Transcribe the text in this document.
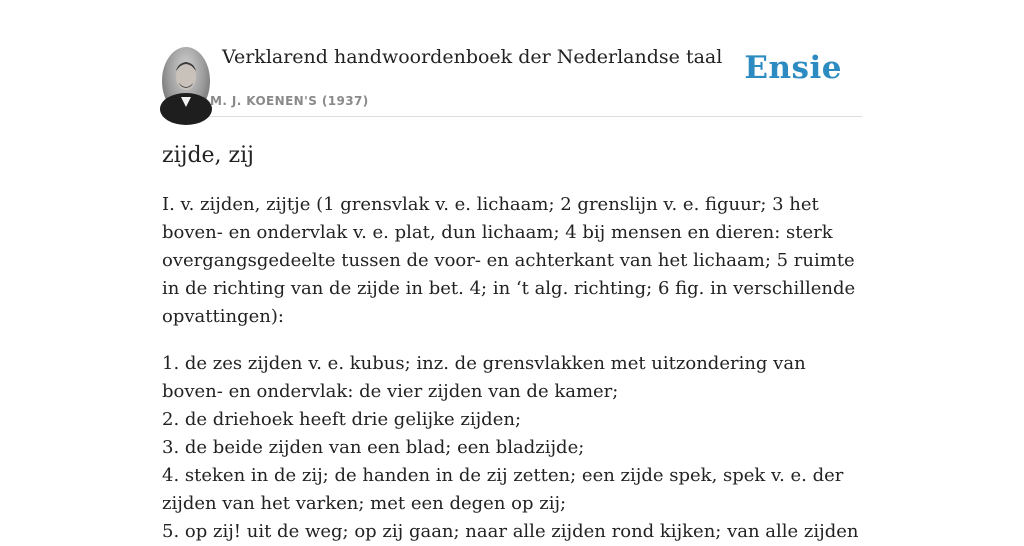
Verklarend handwoordenboek der Nederlandse taal
M. J. KOENEN'S (1937)
Ensie
zijde, zij

I. v. zijden, zijtje (1 grensvlak v. e. lichaam; 2 grenslijn v. e. figuur; 3 het boven- en ondervlak v. e. plat, dun lichaam; 4 bij mensen en dieren: sterk overgangsgedeelte tussen de voor- en achterkant van het lichaam; 5 ruimte in de richting van de zijde in bet. 4; in ‘t alg. richting; 6 fig. in verschillende opvattingen):

1. de zes zijden v. e. kubus; inz. de grensvlakken met uitzondering van boven- en ondervlak: de vier zijden van de kamer;
2. de driehoek heeft drie gelijke zijden;
3. de beide zijden van een blad; een bladzijde;
4. steken in de zij; de handen in de zij zetten; een zijde spek, spek v. e. der zijden van het varken; met een degen op zij;
5. op zij! uit de weg; op zij gaan; naar alle zijden rond kijken; van alle zijden
